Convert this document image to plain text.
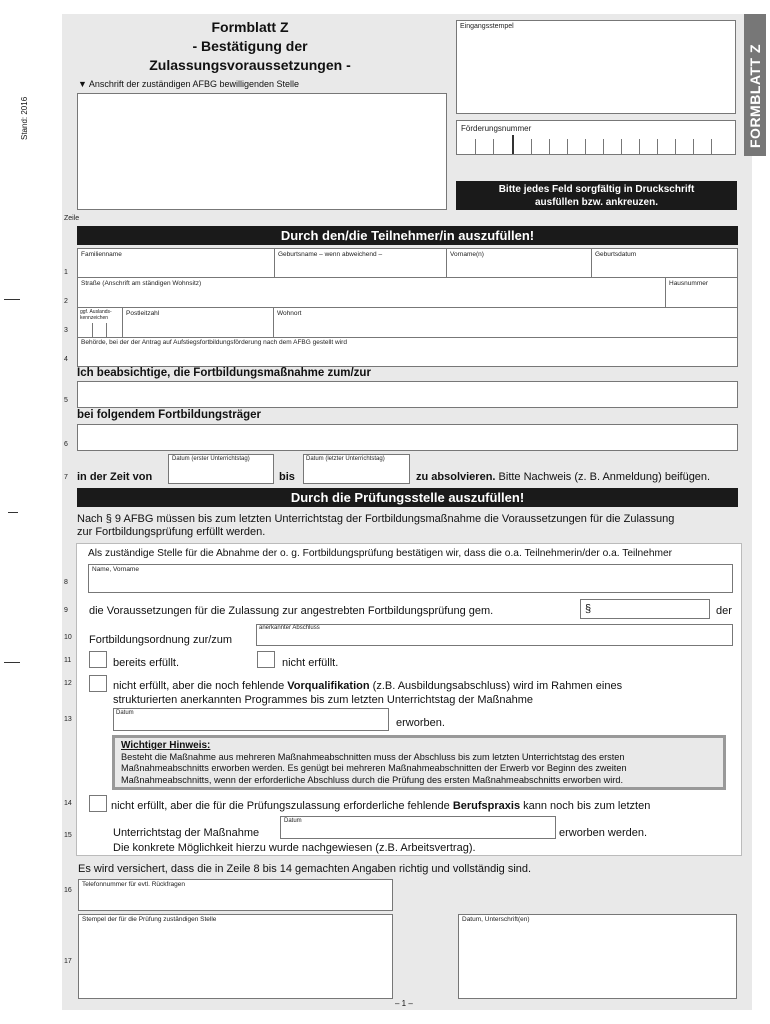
Stand: 2016	FORMBLATT Z
Formblatt Z
- Bestätigung der
Zulassungsvoraussetzungen -
▼ Anschrift der zuständigen AFBG bewilligenden Stelle
Eingangsstempel
Förderungsnummer
Bitte jedes Feld sorgfältig in Druckschrift
ausfüllen bzw. ankreuzen.
Zeile
Durch den/die Teilnehmer/in auszufüllen!
Familienname	Geburtsname – wenn abweichend –	Vorname(n)	Geburtsdatum
Straße (Anschrift am ständigen Wohnsitz)	Hausnummer
ggf. Auslands-
kennzeichen
Postleitzahl	Wohnort
Behörde, bei der der Antrag auf Aufstiegsfortbildungsförderung nach dem AFBG gestellt wird
Ich beabsichtige, die Fortbildungsmaßnahme zum/zur
bei folgendem Fortbildungsträger
in der Zeit von
Datum (erster Unterrichtstag)
bis
Datum (letzter Unterrichtstag)
zu absolvieren. Bitte Nachweis (z. B. Anmeldung) beifügen.
Durch die Prüfungsstelle auszufüllen!
Nach § 9 AFBG müssen bis zum letzten Unterrichtstag der Fortbildungsmaßnahme die Voraussetzungen für die Zulassung
zur Fortbildungsprüfung erfüllt werden.
Als zuständige Stelle für die Abnahme der o. g. Fortbildungsprüfung bestätigen wir, dass die o.a. Teilnehmerin/der o.a. Teilnehmer
Name, Vorname
die Voraussetzungen für die Zulassung zur angestrebten Fortbildungsprüfung gem.	§	der
Fortbildungsordnung zur/zum
anerkannter Abschluss
bereits erfüllt.	nicht erfüllt.
nicht erfüllt, aber die noch fehlende Vorqualifikation (z.B. Ausbildungsabschluss) wird im Rahmen eines
strukturierten anerkannten Programmes bis zum letzten Unterrichtstag der Maßnahme
Datum
erworben.
Wichtiger Hinweis:
Besteht die Maßnahme aus mehreren Maßnahmeabschnitten muss der Abschluss bis zum letzten Unterrichtstag des ersten
Maßnahmeabschnitts erworben werden. Es genügt bei mehreren Maßnahmeabschnitten der Erwerb vor Beginn des zweiten
Maßnahmeabschnitts, wenn der erforderliche Abschluss durch die Prüfung des ersten Maßnahmeabschnitts erworben wird.
nicht erfüllt, aber die für die Prüfungszulassung erforderliche fehlende Berufspraxis kann noch bis zum letzten
Unterrichtstag der Maßnahme
Datum
erworben werden.
Die konkrete Möglichkeit hierzu wurde nachgewiesen (z.B. Arbeitsvertrag).
Es wird versichert, dass die in Zeile 8 bis 14 gemachten Angaben richtig und vollständig sind.
Telefonnummer für evtl. Rückfragen
Stempel der für die Prüfung zuständigen Stelle	Datum, Unterschrift(en)
– 1 –
1
2
3
4
5
6
7
8
9
10
11
12
13
14
15
16
17
